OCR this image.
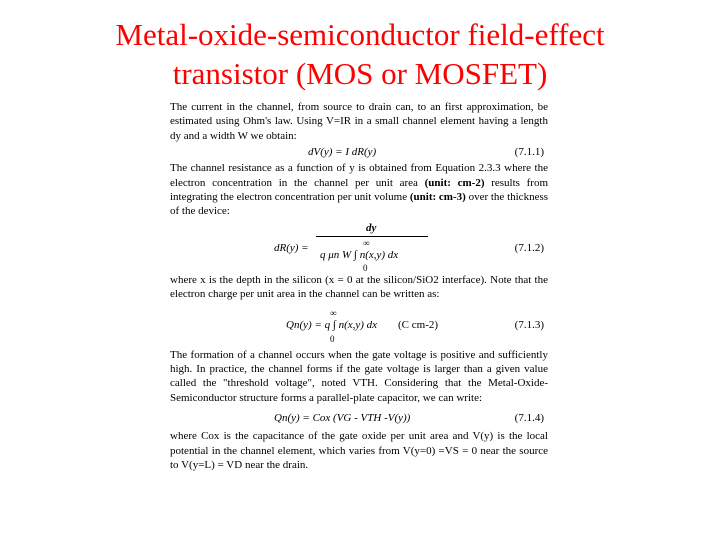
Metal-oxide-semiconductor field-effect
transistor (MOS or MOSFET)

The current in the channel, from source to drain can, to an first approximation, be estimated using Ohm's law. Using V=IR in a small channel element having a length dy and a width W we obtain:

dV(y) = I dR(y)	(7.1.1)

The channel resistance as a function of y is obtained from Equation 2.3.3 where the electron concentration in the channel per unit area (unit: cm-2) results from integrating the electron concentration per unit volume (unit: cm-3) over the thickness of the device:

dR(y) =
dy
∞
q μn W ∫ n(x,y) dx
0
(7.1.2)

where x is the depth in the silicon (x = 0 at the silicon/SiO2 interface). Note that the electron charge per unit area in the channel can be written as:

∞
Qn(y) = q ∫ n(x,y) dx (C cm-2)
0
(7.1.3)

The formation of a channel occurs when the gate voltage is positive and sufficiently high. In practice, the channel forms if the gate voltage is larger than a given value called the "threshold voltage", noted VTH. Considering that the Metal-Oxide-Semiconductor structure forms a parallel-plate capacitor, we can write:

Qn(y) = Cox (VG - VTH -V(y))	(7.1.4)

where Cox is the capacitance of the gate oxide per unit area and V(y) is the local potential in the channel element, which varies from V(y=0) =VS = 0 near the source to V(y=L) = VD near the drain.
